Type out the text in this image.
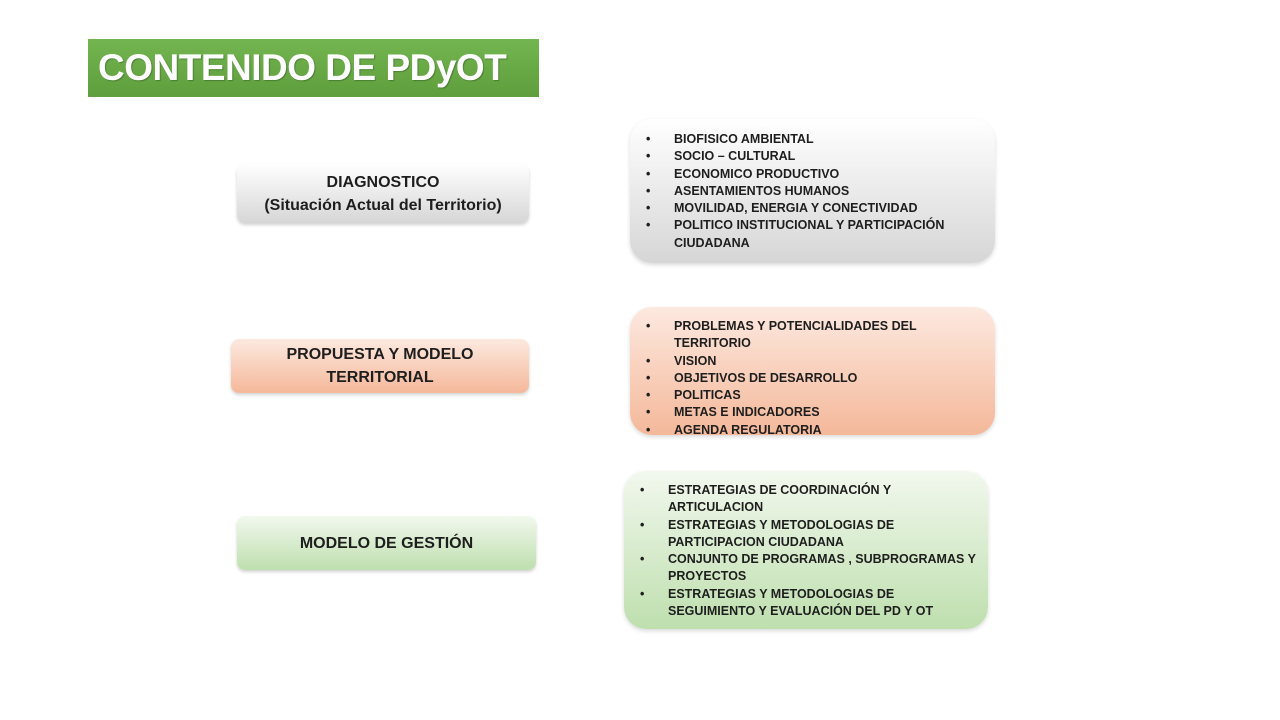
CONTENIDO DE PDyOT
DIAGNOSTICO
(Situación Actual del Territorio)
• BIOFISICO AMBIENTAL
• SOCIO – CULTURAL
• ECONOMICO PRODUCTIVO
• ASENTAMIENTOS HUMANOS
• MOVILIDAD, ENERGIA Y CONECTIVIDAD
• POLITICO INSTITUCIONAL Y PARTICIPACIÓN CIUDADANA
PROPUESTA Y MODELO
TERRITORIAL
• PROBLEMAS Y POTENCIALIDADES DEL TERRITORIO
• VISION
• OBJETIVOS DE DESARROLLO
• POLITICAS
• METAS E INDICADORES
• AGENDA REGULATORIA
MODELO DE GESTIÓN
• ESTRATEGIAS DE COORDINACIÓN Y ARTICULACION
• ESTRATEGIAS Y METODOLOGIAS DE PARTICIPACION CIUDADANA
• CONJUNTO DE PROGRAMAS , SUBPROGRAMAS Y PROYECTOS
• ESTRATEGIAS Y METODOLOGIAS DE SEGUIMIENTO Y EVALUACIÓN DEL PD Y OT
